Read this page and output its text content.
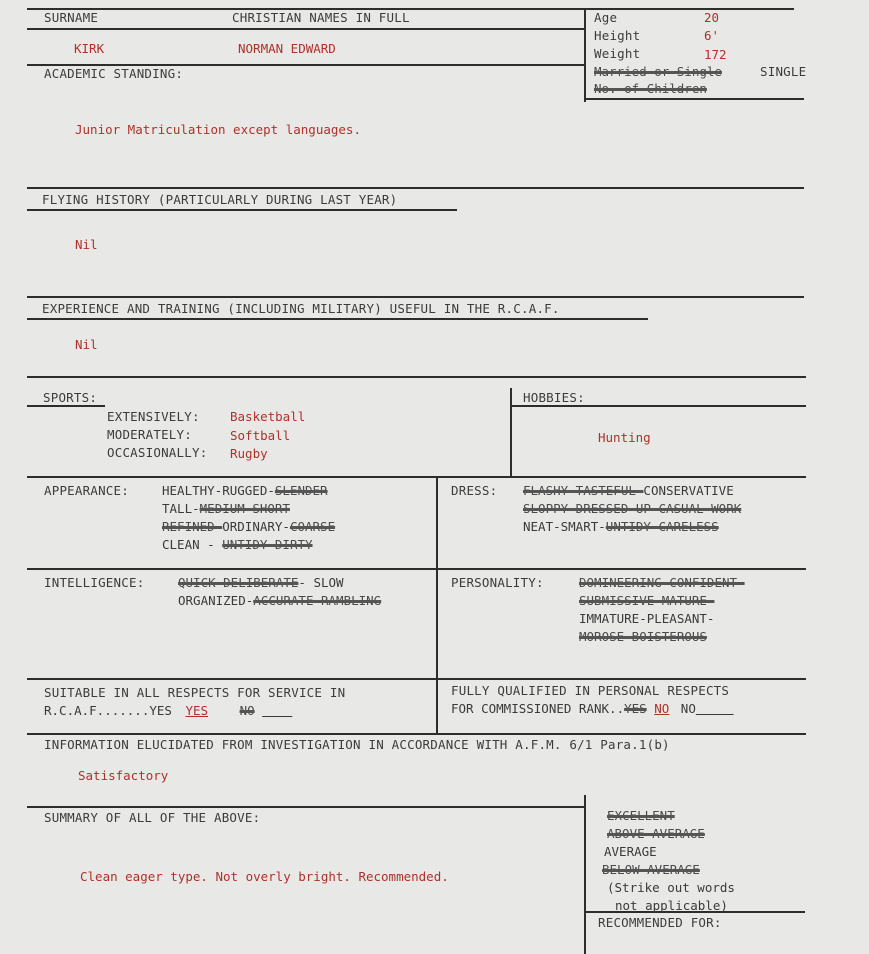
SURNAME	CHRISTIAN NAMES IN FULL
KIRK	NORMAN EDWARD
ACADEMIC STANDING:
Age	20
Height	6'
Weight	172
Married or Single	SINGLE
No. of Children
Junior Matriculation except languages.
FLYING HISTORY (PARTICULARLY DURING LAST YEAR)
Nil
EXPERIENCE AND TRAINING (INCLUDING MILITARY) USEFUL IN THE R.C.A.F.
Nil
SPORTS:
EXTENSIVELY: Basketball
MODERATELY:	Softball
OCCASIONALLY: Rugby
HOBBIES:
Hunting
APPEARANCE:	HEALTHY-RUGGED-SLENDER
TALL-MEDIUM-SHORT
REFINED-ORDINARY-COARSE
CLEAN - UNTIDY-DIRTY
DRESS: FLASHY-TASTEFUL-CONSERVATIVE
SLOPPY-DRESSED-UP-CASUAL-WORK
NEAT-SMART-UNTIDY-CARELESS
INTELLIGENCE:	QUICK-DELIBERATE- SLOW
ORGANIZED-ACCURATE-RAMBLING
PERSONALITY:	DOMINEERING-CONFIDENT-
SUBMISSIVE-MATURE-
IMMATURE-PLEASANT-
MOROSE-BOISTEROUS
SUITABLE IN ALL RESPECTS FOR SERVICE IN
R.C.A.F.......YES YES	NO
FULLY QUALIFIED IN PERSONAL RESPECTS
FOR COMMISSIONED RANK..YES NO NO
INFORMATION ELUCIDATED FROM INVESTIGATION IN ACCORDANCE WITH A.F.M. 6/1 Para.1(b)
Satisfactory
SUMMARY OF ALL OF THE ABOVE:
Clean eager type. Not overly bright. Recommended.
EXCELLENT
ABOVE AVERAGE
AVERAGE
BELOW AVERAGE
(Strike out words
not applicable)
RECOMMENDED FOR:
